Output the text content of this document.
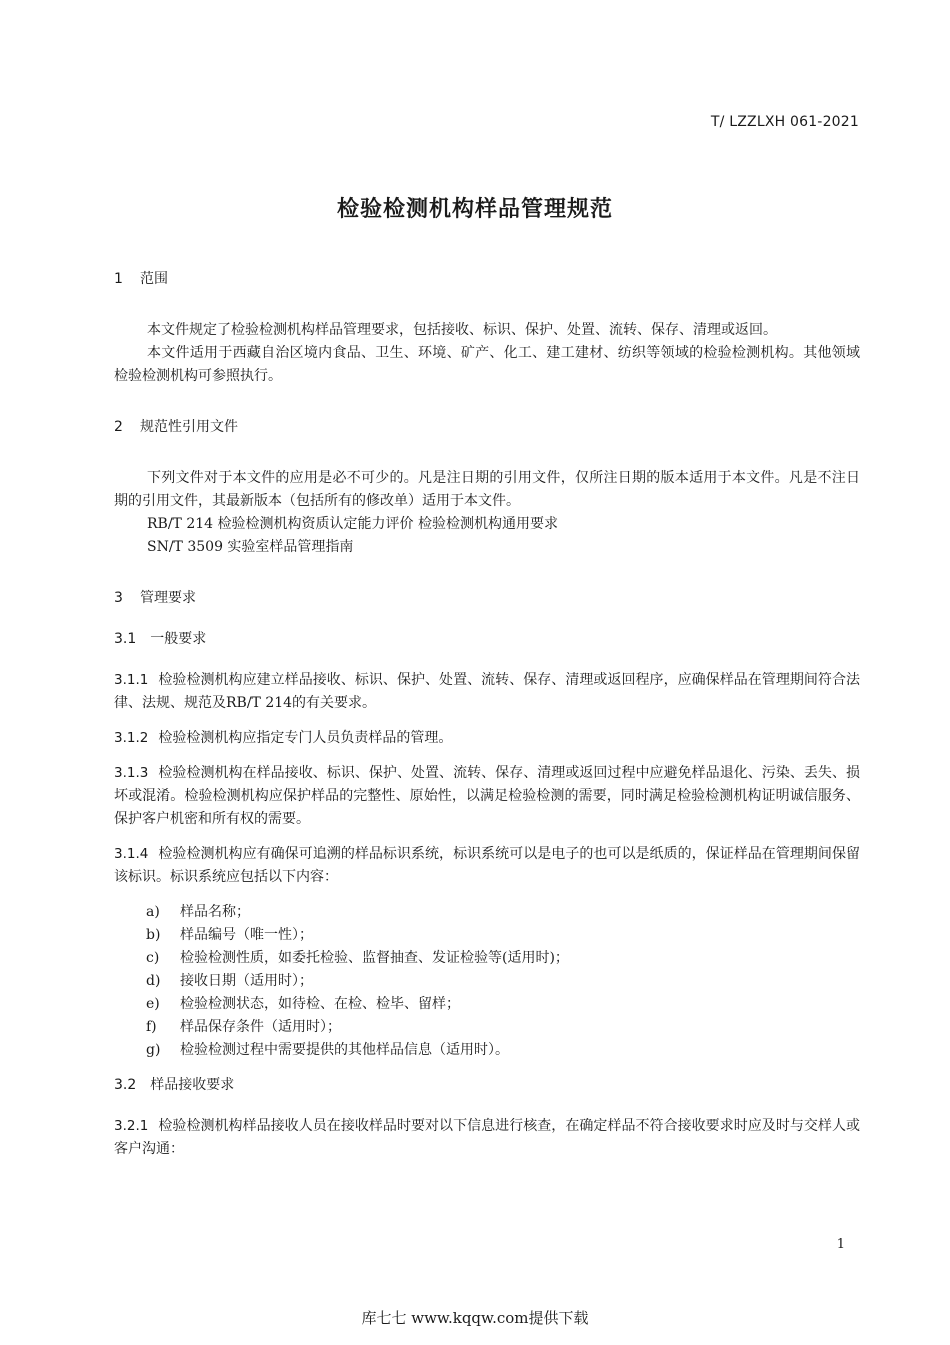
T/ LZZLXH 061-2021
检验检测机构样品管理规范

1 范围

本文件规定了检验检测机构样品管理要求，包括接收、标识、保护、处置、流转、保存、清理或返回。

本文件适用于西藏自治区境内食品、卫生、环境、矿产、化工、建工建材、纺织等领域的检验检测机构。其他领域检验检测机构可参照执行。

2 规范性引用文件

下列文件对于本文件的应用是必不可少的。凡是注日期的引用文件，仅所注日期的版本适用于本文件。凡是不注日期的引用文件，其最新版本（包括所有的修改单）适用于本文件。

RB/T 214 检验检测机构资质认定能力评价 检验检测机构通用要求

SN/T 3509 实验室样品管理指南

3 管理要求

3.1 一般要求

3.1.1 检验检测机构应建立样品接收、标识、保护、处置、流转、保存、清理或返回程序，应确保样品在管理期间符合法律、法规、规范及RB/T 214的有关要求。

3.1.2 检验检测机构应指定专门人员负责样品的管理。

3.1.3 检验检测机构在样品接收、标识、保护、处置、流转、保存、清理或返回过程中应避免样品退化、污染、丢失、损坏或混淆。检验检测机构应保护样品的完整性、原始性，以满足检验检测的需要，同时满足检验检测机构证明诚信服务、保护客户机密和所有权的需要。

3.1.4 检验检测机构应有确保可追溯的样品标识系统，标识系统可以是电子的也可以是纸质的，保证样品在管理期间保留该标识。标识系统应包括以下内容：

a) 样品名称；
b) 样品编号（唯一性）；
c) 检验检测性质，如委托检验、监督抽查、发证检验等(适用时)；
d) 接收日期（适用时）；
e) 检验检测状态，如待检、在检、检毕、留样；
f) 样品保存条件（适用时）；
g) 检验检测过程中需要提供的其他样品信息（适用时）。

3.2 样品接收要求

3.2.1 检验检测机构样品接收人员在接收样品时要对以下信息进行核查，在确定样品不符合接收要求时应及时与交样人或客户沟通：

1
库七七 www.kqqw.com提供下载
